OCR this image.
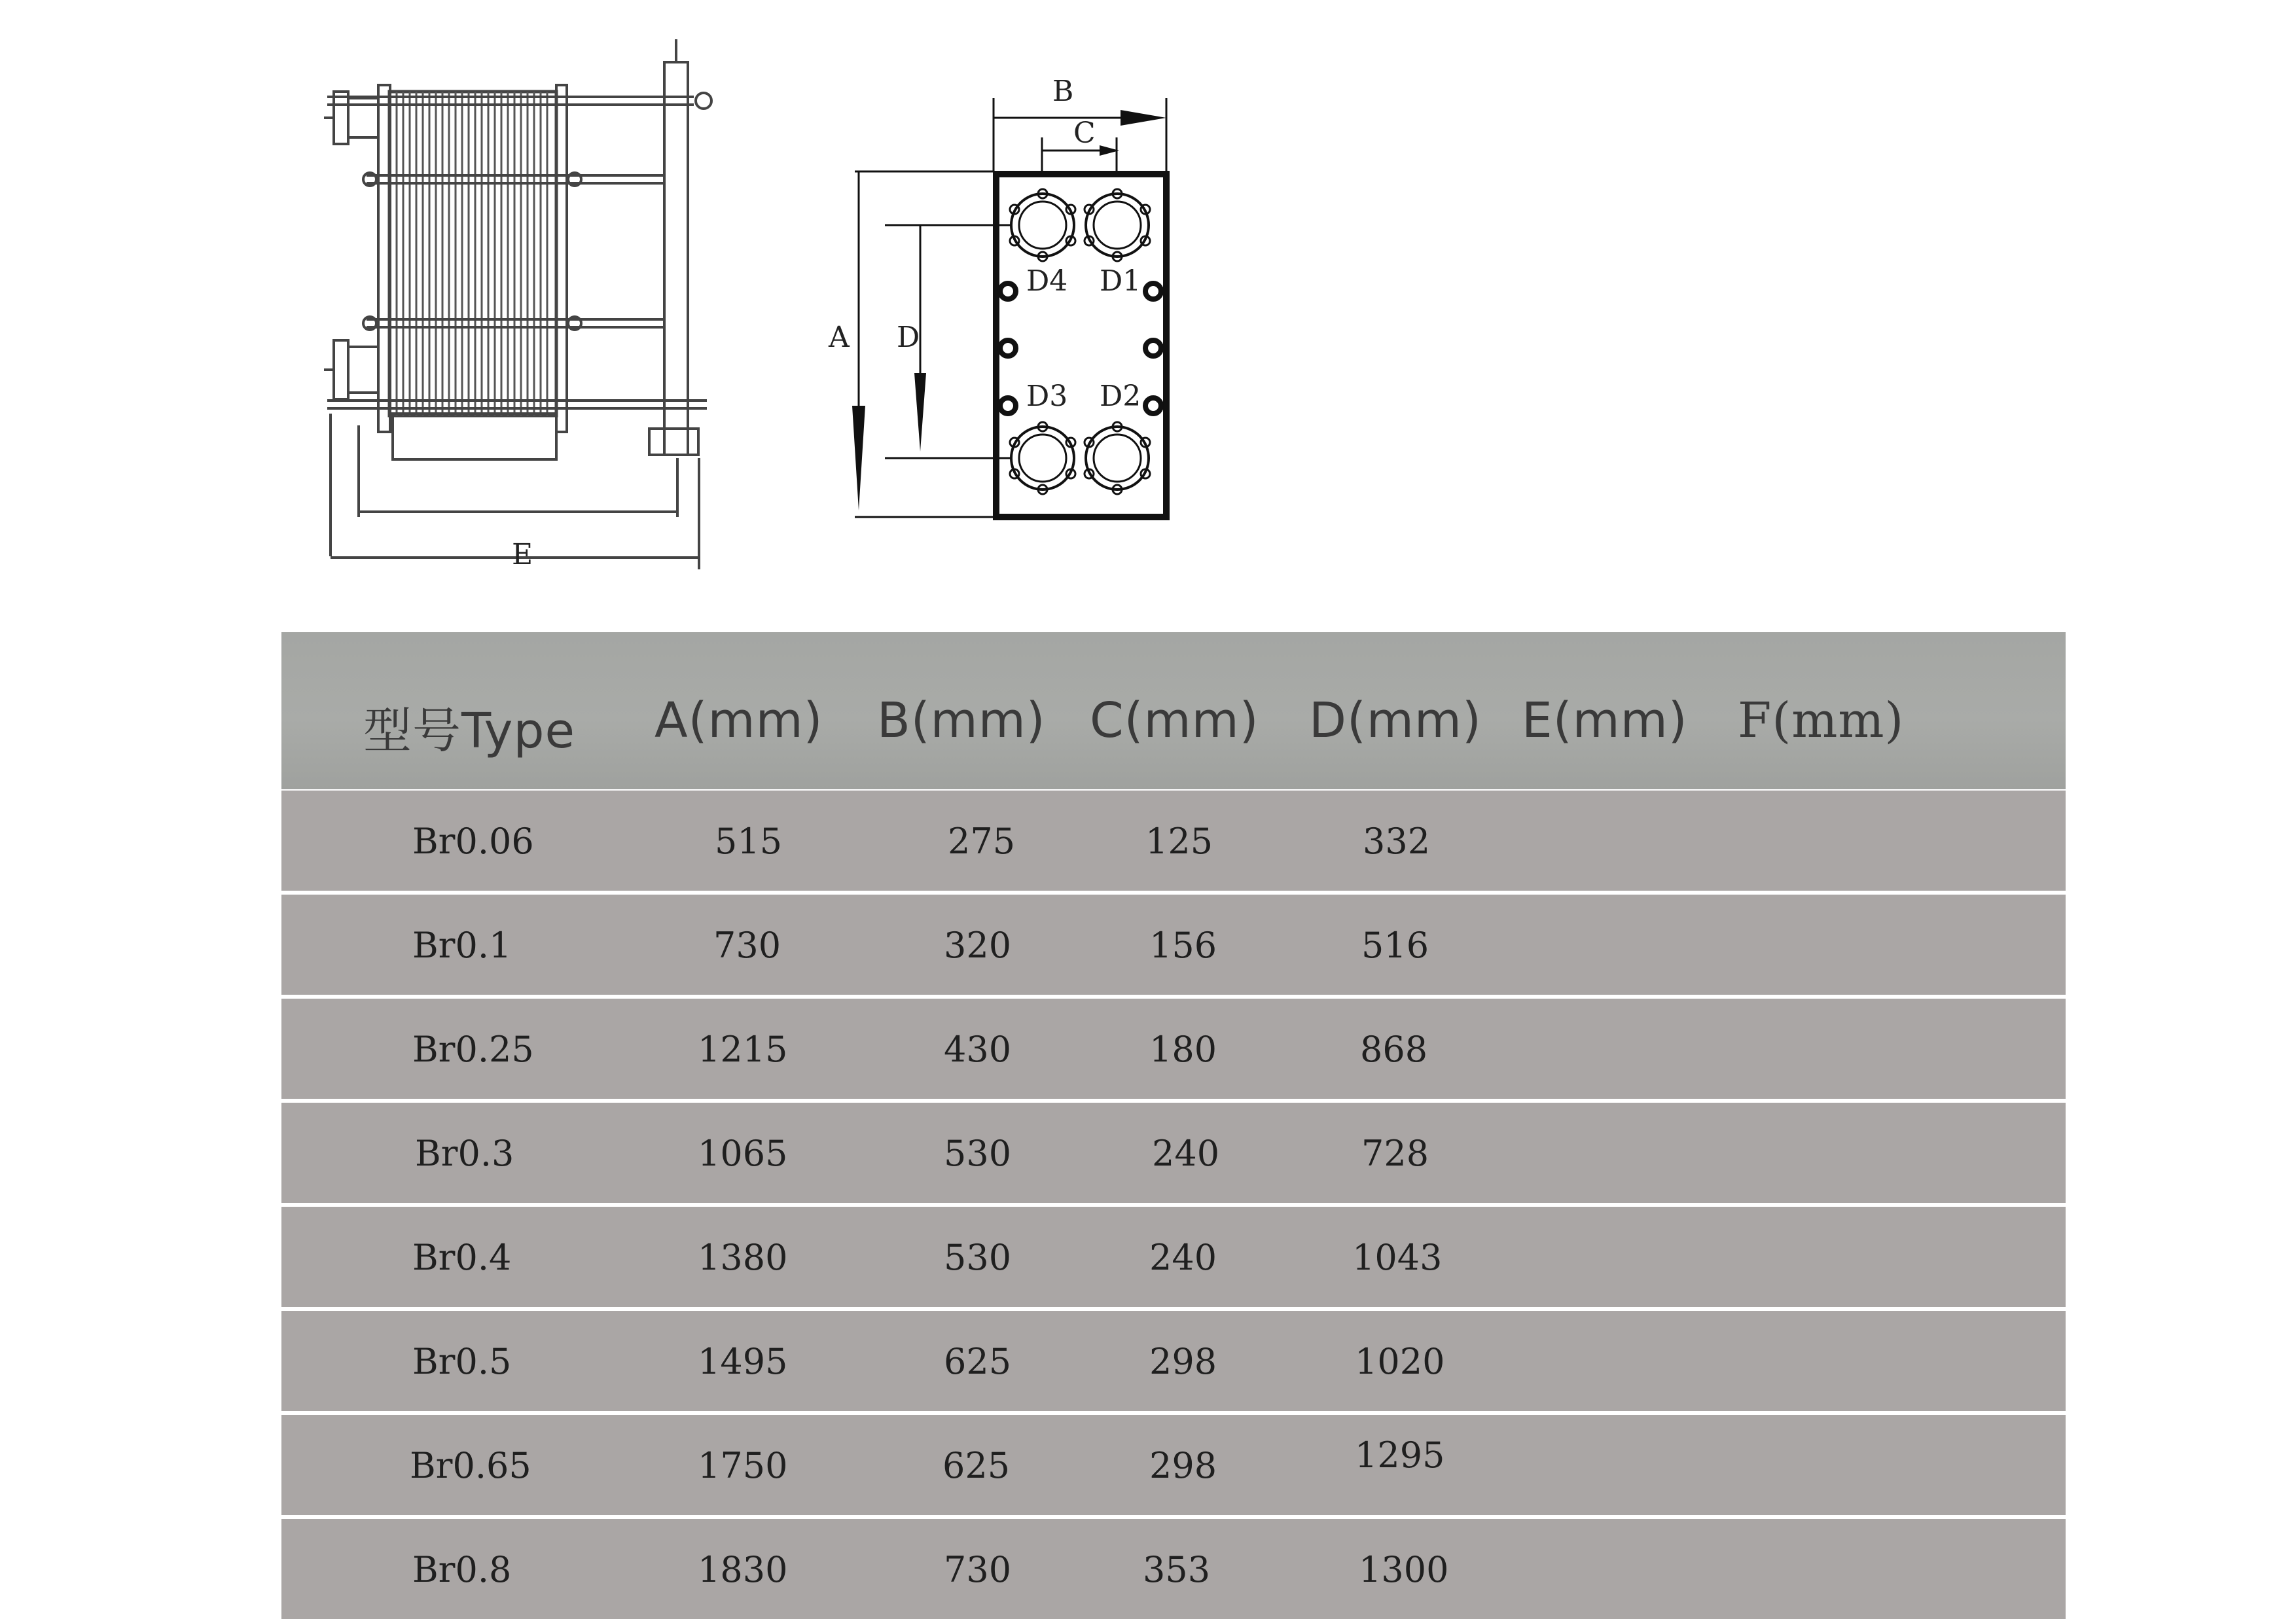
E
B
C
A D
D4 D1
D3 D2
型号Type A(mm) B(mm) C(mm) D(mm) E(mm) F(mm)
Br0.06	515	275	125	332
Br0.1	730	320	156	516
Br0.25	1215	430	180	868
Br0.3	1065	530	240	728
Br0.4	1380	530	240	1043
Br0.5	1495	625	298	1020
Br0.65	1750	625	298	1295
Br0.8	1830	730	353	1300
